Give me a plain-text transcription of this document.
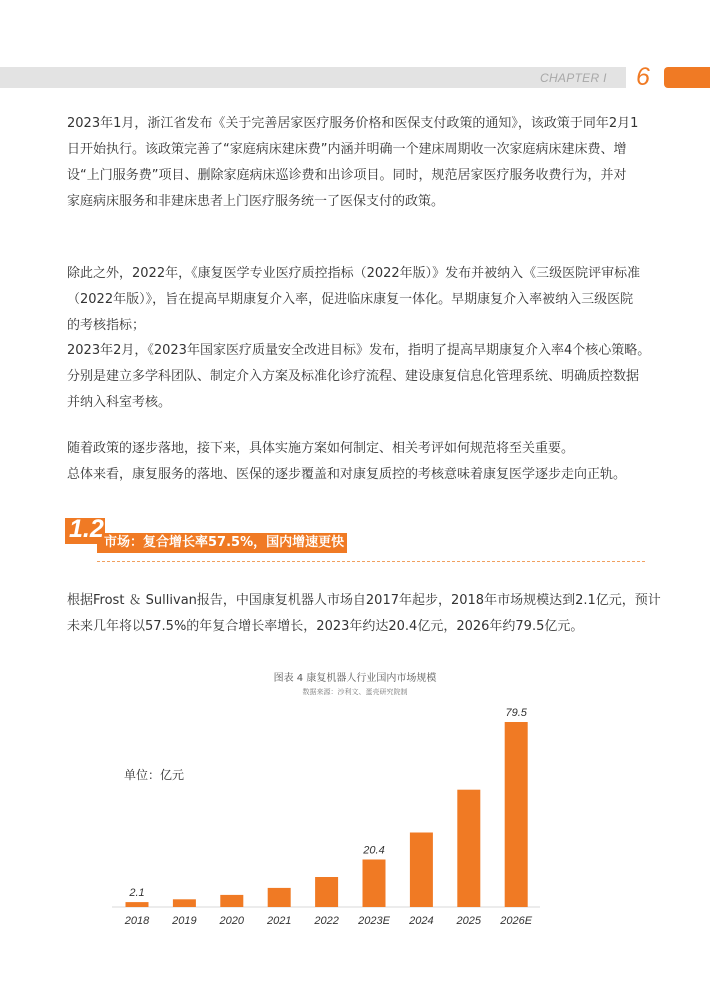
CHAPTER I 6
2023年1月，浙江省发布《关于完善居家医疗服务价格和医保支付政策的通知》，该政策于同年2月1
日开始执行。该政策完善了“家庭病床建床费”内涵并明确一个建床周期收一次家庭病床建床费、增
设“上门服务费”项目、删除家庭病床巡诊费和出诊项目。同时，规范居家医疗服务收费行为，并对
家庭病床服务和非建床患者上门医疗服务统一了医保支付的政策。
除此之外，2022年，《康复医学专业医疗质控指标（2022年版）》发布并被纳入《三级医院评审标准
（2022年版）》，旨在提高早期康复介入率，促进临床康复一体化。早期康复介入率被纳入三级医院
的考核指标；
2023年2月，《2023年国家医疗质量安全改进目标》发布，指明了提高早期康复介入率4个核心策略。
分别是建立多学科团队、制定介入方案及标准化诊疗流程、建设康复信息化管理系统、明确质控数据
并纳入科室考核。
随着政策的逐步落地，接下来，具体实施方案如何制定、相关考评如何规范将至关重要。
总体来看，康复服务的落地、医保的逐步覆盖和对康复质控的考核意味着康复医学逐步走向正轨。
1.2 市场：复合增长率57.5%，国内增速更快
根据Frost ＆ Sullivan报告，中国康复机器人市场自2017年起步，2018年市场规模达到2.1亿元，预计
未来几年将以57.5%的年复合增长率增长，2023年约达20.4亿元，2026年约79.5亿元。
图表 4 康复机器人行业国内市场规模
数据来源：沙利文、蛋壳研究院制
单位：亿元
2018
2.1
2019 2020 2021 2022 2023E
20.4
2024 2025 2026E
79.5
